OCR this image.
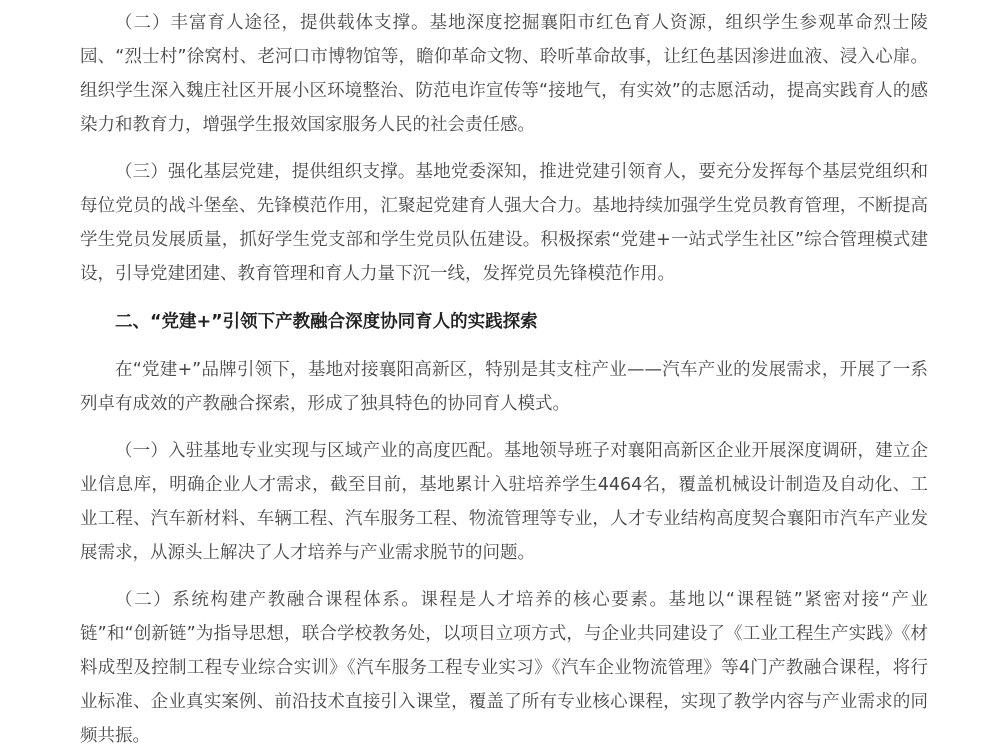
（二）丰富育人途径，提供载体支撑。基地深度挖掘襄阳市红色育人资源，组织学生参观革命烈士陵园、“烈士村”徐窝村、老河口市博物馆等，瞻仰革命文物、聆听革命故事，让红色基因渗进血液、浸入心扉。组织学生深入魏庄社区开展小区环境整治、防范电诈宣传等“接地气，有实效”的志愿活动，提高实践育人的感染力和教育力，增强学生报效国家服务人民的社会责任感。

（三）强化基层党建，提供组织支撑。基地党委深知，推进党建引领育人，要充分发挥每个基层党组织和每位党员的战斗堡垒、先锋模范作用，汇聚起党建育人强大合力。基地持续加强学生党员教育管理，不断提高学生党员发展质量，抓好学生党支部和学生党员队伍建设。积极探索“党建+一站式学生社区”综合管理模式建设，引导党建团建、教育管理和育人力量下沉一线，发挥党员先锋模范作用。

二、“党建+”引领下产教融合深度协同育人的实践探索

在“党建+”品牌引领下，基地对接襄阳高新区，特别是其支柱产业——汽车产业的发展需求，开展了一系列卓有成效的产教融合探索，形成了独具特色的协同育人模式。

（一）入驻基地专业实现与区域产业的高度匹配。基地领导班子对襄阳高新区企业开展深度调研，建立企业信息库，明确企业人才需求，截至目前，基地累计入驻培养学生4464名，覆盖机械设计制造及自动化、工业工程、汽车新材料、车辆工程、汽车服务工程、物流管理等专业，人才专业结构高度契合襄阳市汽车产业发展需求，从源头上解决了人才培养与产业需求脱节的问题。

（二）系统构建产教融合课程体系。课程是人才培养的核心要素。基地以“课程链”紧密对接“产业链”和“创新链”为指导思想，联合学校教务处，以项目立项方式，与企业共同建设了《工业工程生产实践》《材料成型及控制工程专业综合实训》《汽车服务工程专业实习》《汽车企业物流管理》等4门产教融合课程，将行业标准、企业真实案例、前沿技术直接引入课堂，覆盖了所有专业核心课程，实现了教学内容与产业需求的同频共振。
